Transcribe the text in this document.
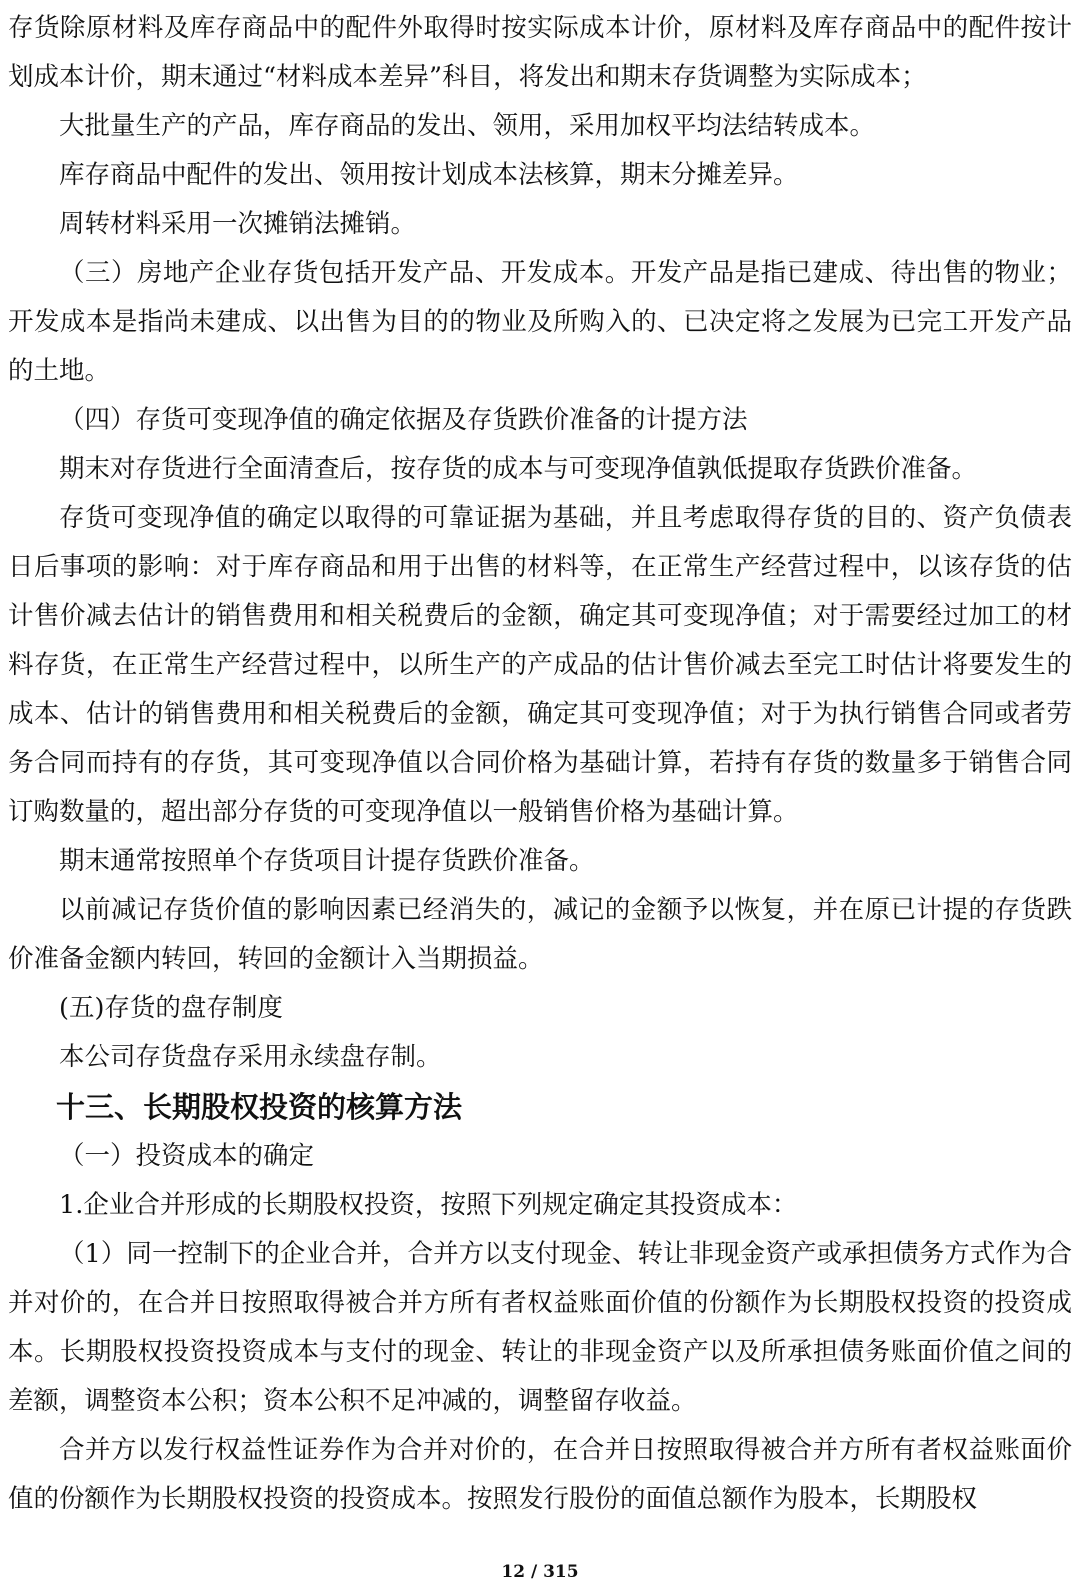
存货除原材料及库存商品中的配件外取得时按实际成本计价，原材料及库存商品中的配件按计划成本计价，期末通过“材料成本差异”科目，将发出和期末存货调整为实际成本；

大批量生产的产品，库存商品的发出、领用，采用加权平均法结转成本。

库存商品中配件的发出、领用按计划成本法核算，期末分摊差异。

周转材料采用一次摊销法摊销。

（三）房地产企业存货包括开发产品、开发成本。开发产品是指已建成、待出售的物业；开发成本是指尚未建成、以出售为目的的物业及所购入的、已决定将之发展为已完工开发产品的土地。

（四）存货可变现净值的确定依据及存货跌价准备的计提方法

期末对存货进行全面清查后，按存货的成本与可变现净值孰低提取存货跌价准备。

存货可变现净值的确定以取得的可靠证据为基础，并且考虑取得存货的目的、资产负债表日后事项的影响：对于库存商品和用于出售的材料等，在正常生产经营过程中，以该存货的估计售价减去估计的销售费用和相关税费后的金额，确定其可变现净值；对于需要经过加工的材料存货，在正常生产经营过程中，以所生产的产成品的估计售价减去至完工时估计将要发生的成本、估计的销售费用和相关税费后的金额，确定其可变现净值；对于为执行销售合同或者劳务合同而持有的存货，其可变现净值以合同价格为基础计算，若持有存货的数量多于销售合同订购数量的，超出部分存货的可变现净值以一般销售价格为基础计算。

期末通常按照单个存货项目计提存货跌价准备。

以前减记存货价值的影响因素已经消失的，减记的金额予以恢复，并在原已计提的存货跌价准备金额内转回，转回的金额计入当期损益。

(五)存货的盘存制度

本公司存货盘存采用永续盘存制。

十三、长期股权投资的核算方法

（一）投资成本的确定

1.企业合并形成的长期股权投资，按照下列规定确定其投资成本：

（1）同一控制下的企业合并，合并方以支付现金、转让非现金资产或承担债务方式作为合并对价的，在合并日按照取得被合并方所有者权益账面价值的份额作为长期股权投资的投资成本。长期股权投资投资成本与支付的现金、转让的非现金资产以及所承担债务账面价值之间的差额，调整资本公积；资本公积不足冲减的，调整留存收益。

合并方以发行权益性证券作为合并对价的，在合并日按照取得被合并方所有者权益账面价值的份额作为长期股权投资的投资成本。按照发行股份的面值总额作为股本，长期股权

12 / 315
